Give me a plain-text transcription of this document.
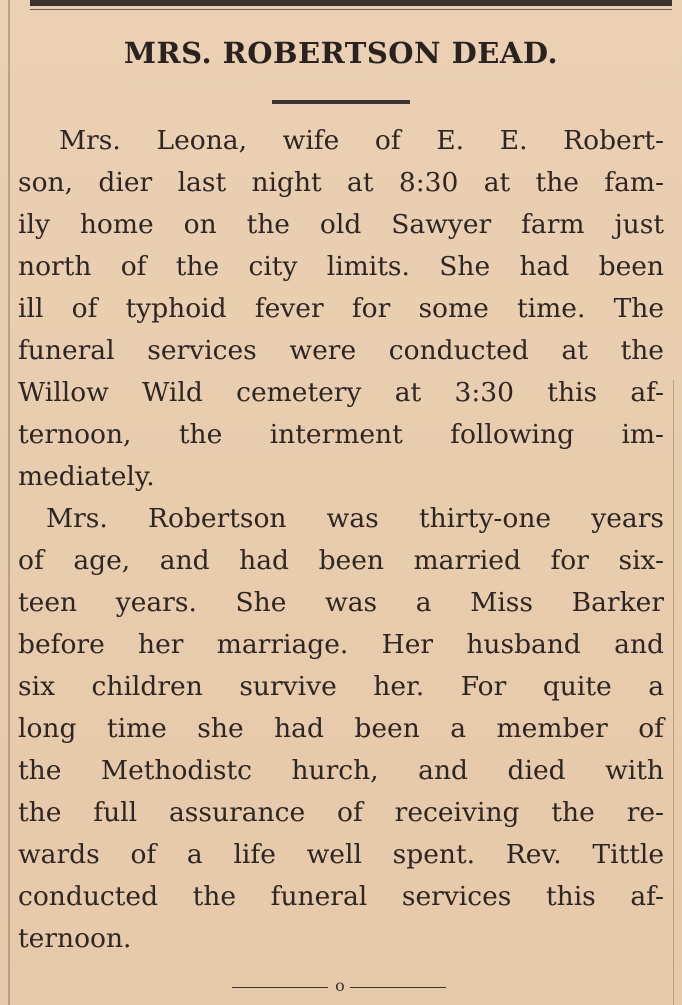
MRS. ROBERTSON DEAD.
Mrs. Leona, wife of E. E. Robert-
son, dier last night at 8:30 at the fam-
ily home on the old Sawyer farm just
north of the city limits. She had been
ill of typhoid fever for some time. The
funeral services were conducted at the
Willow Wild cemetery at 3:30 this af-
ternoon, the interment following im-
mediately.
Mrs. Robertson was thirty-one years
of age, and had been married for six-
teen years. She was a Miss Barker
before her marriage. Her husband and
six children survive her. For quite a
long time she had been a member of
the Methodistc hurch, and died with
the full assurance of receiving the re-
wards of a life well spent. Rev. Tittle
conducted the funeral services this af-
ternoon.
o
